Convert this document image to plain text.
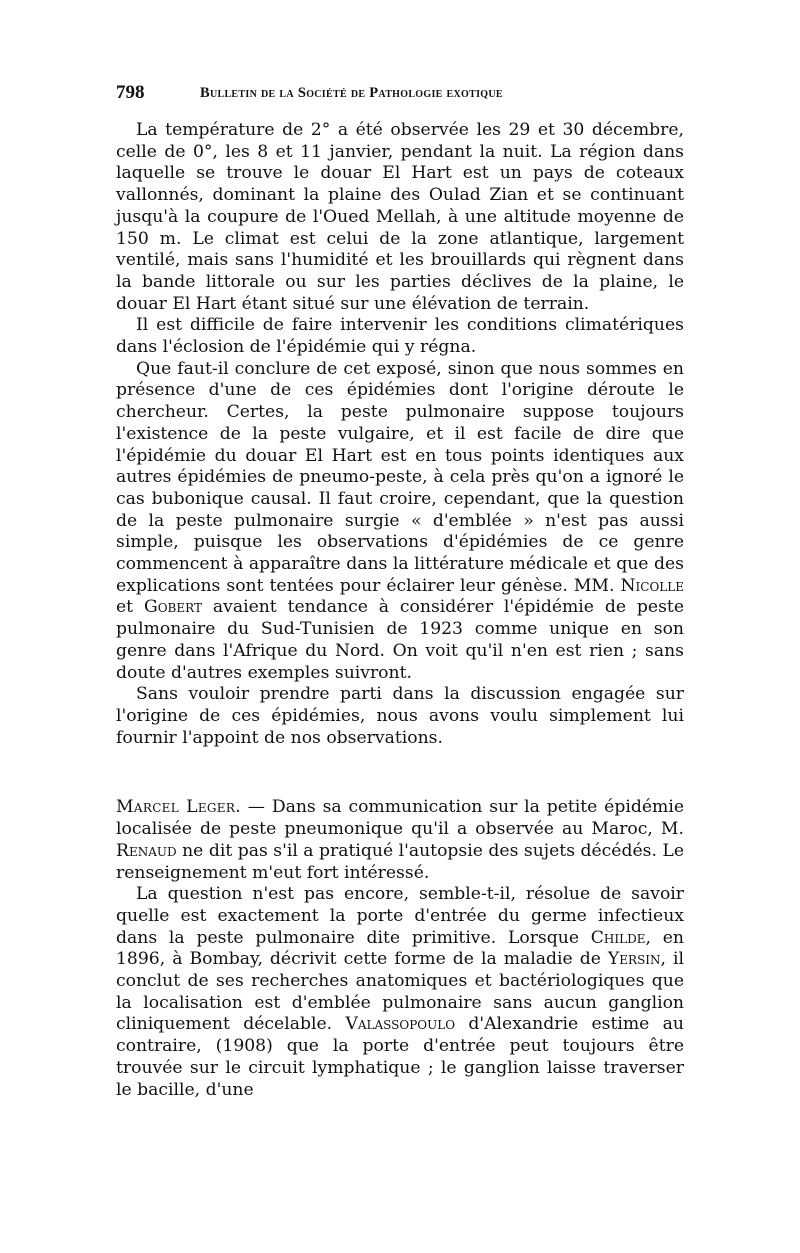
798	Bulletin de la Société de Pathologie exotique

La température de 2° a été observée les 29 et 30 décembre, celle de 0°, les 8 et 11 janvier, pendant la nuit. La région dans laquelle se trouve le douar El Hart est un pays de coteaux vallonnés, dominant la plaine des Oulad Zian et se continuant jusqu'à la coupure de l'Oued Mellah, à une altitude moyenne de 150 m. Le climat est celui de la zone atlantique, largement ventilé, mais sans l'humidité et les brouillards qui règnent dans la bande littorale ou sur les parties déclives de la plaine, le douar El Hart étant situé sur une élévation de terrain.

Il est difficile de faire intervenir les conditions climatériques dans l'éclosion de l'épidémie qui y régna.

Que faut-il conclure de cet exposé, sinon que nous sommes en présence d'une de ces épidémies dont l'origine déroute le chercheur. Certes, la peste pulmonaire suppose toujours l'existence de la peste vulgaire, et il est facile de dire que l'épidémie du douar El Hart est en tous points identiques aux autres épidémies de pneumo-peste, à cela près qu'on a ignoré le cas bubonique causal. Il faut croire, cependant, que la question de la peste pulmonaire surgie « d'emblée » n'est pas aussi simple, puisque les observations d'épidémies de ce genre commencent à apparaître dans la littérature médicale et que des explications sont tentées pour éclairer leur génèse. MM. Nicolle et Gobert avaient tendance à considérer l'épidémie de peste pulmonaire du Sud-Tunisien de 1923 comme unique en son genre dans l'Afrique du Nord. On voit qu'il n'en est rien ; sans doute d'autres exemples suivront.

Sans vouloir prendre parti dans la discussion engagée sur l'origine de ces épidémies, nous avons voulu simplement lui fournir l'appoint de nos observations.

Marcel Leger. — Dans sa communication sur la petite épidémie localisée de peste pneumonique qu'il a observée au Maroc, M. Renaud ne dit pas s'il a pratiqué l'autopsie des sujets décédés. Le renseignement m'eut fort intéressé.

La question n'est pas encore, semble-t-il, résolue de savoir quelle est exactement la porte d'entrée du germe infectieux dans la peste pulmonaire dite primitive. Lorsque Childe, en 1896, à Bombay, décrivit cette forme de la maladie de Yersin, il conclut de ses recherches anatomiques et bactériologiques que la localisation est d'emblée pulmonaire sans aucun ganglion cliniquement décelable. Valassopoulo d'Alexandrie estime au contraire, (1908) que la porte d'entrée peut toujours être trouvée sur le circuit lymphatique ; le ganglion laisse traverser le bacille, d'une
